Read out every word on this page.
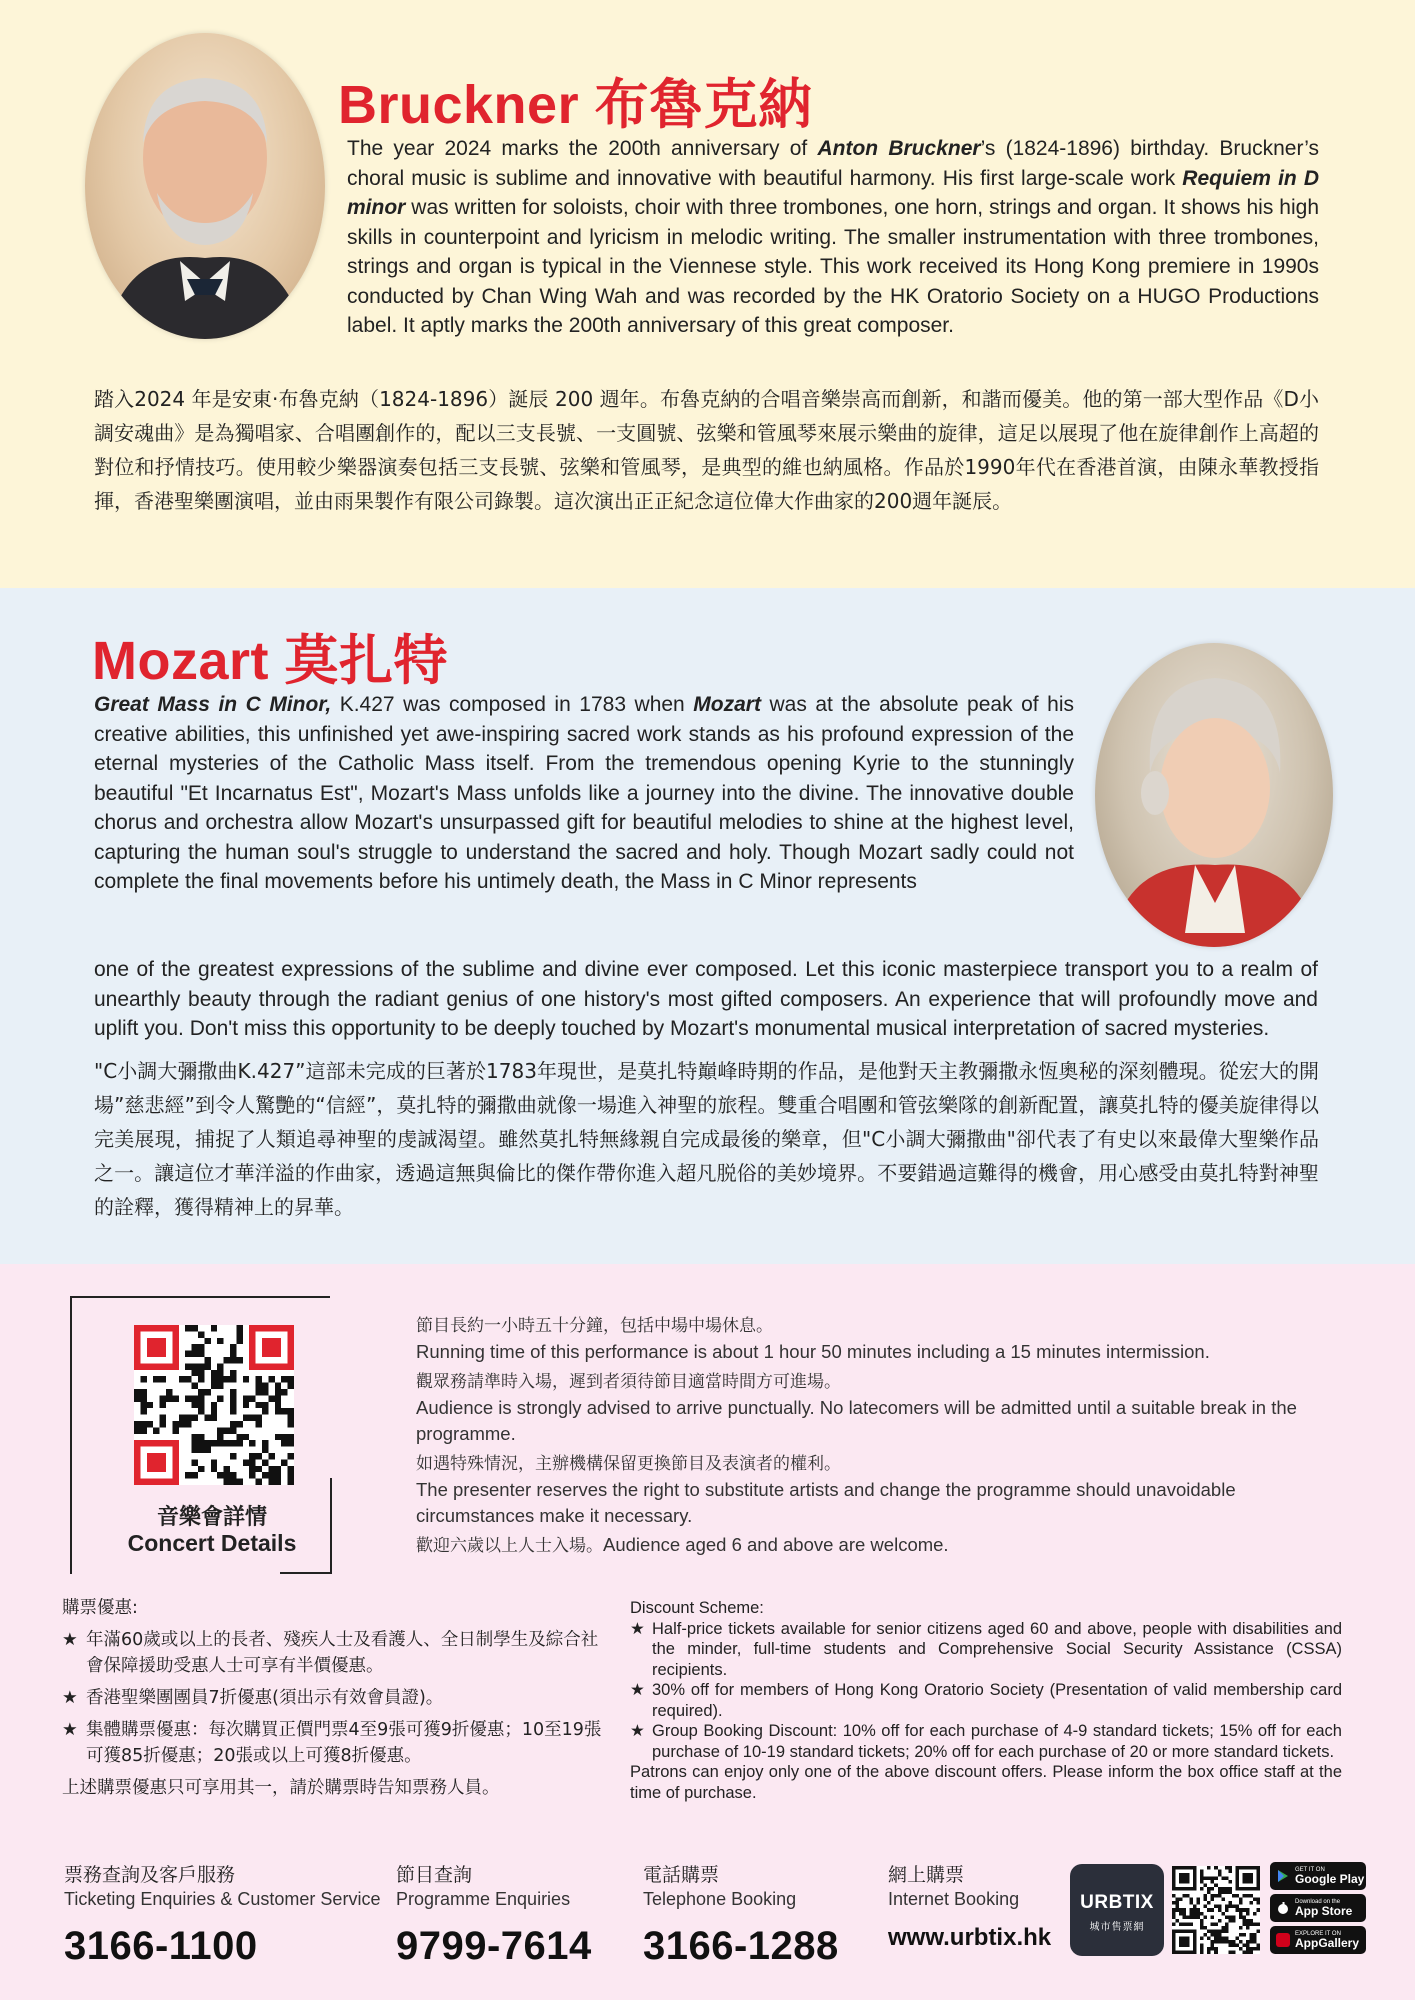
Bruckner 布魯克納
The year 2024 marks the 200th anniversary of Anton Bruckner’s (1824-1896) birthday. Bruckner’s choral music is sublime and innovative with beautiful harmony. His first large-scale work Requiem in D minor was written for soloists, choir with three trombones, one horn, strings and organ. It shows his high skills in counterpoint and lyricism in melodic writing. The smaller instrumentation with three trombones, strings and organ is typical in the Viennese style. This work received its Hong Kong premiere in 1990s conducted by Chan Wing Wah and was recorded by the HK Oratorio Society on a HUGO Productions label. It aptly marks the 200th anniversary of this great composer.
踏入2024 年是安東‧布魯克納（1824-1896）誕辰 200 週年。布魯克納的合唱音樂崇高而創新，和諧而優美。他的第一部大型作品《D小調安魂曲》是為獨唱家、合唱團創作的，配以三支長號、一支圓號、弦樂和管風琴來展示樂曲的旋律，這足以展現了他在旋律創作上高超的對位和抒情技巧。使用較少樂器演奏包括三支長號、弦樂和管風琴，是典型的維也納風格。作品於1990年代在香港首演，由陳永華教授指揮，香港聖樂團演唱，並由雨果製作有限公司錄製。這次演出正正紀念這位偉大作曲家的200週年誕辰。
Mozart 莫扎特
Great Mass in C Minor, K.427 was composed in 1783 when Mozart was at the absolute peak of his creative abilities, this unfinished yet awe-inspiring sacred work stands as his profound expression of the eternal mysteries of the Catholic Mass itself. From the tremendous opening Kyrie to the stunningly beautiful "Et Incarnatus Est", Mozart's Mass unfolds like a journey into the divine. The innovative double chorus and orchestra allow Mozart's unsurpassed gift for beautiful melodies to shine at the highest level, capturing the human soul's struggle to understand the sacred and holy. Though Mozart sadly could not complete the final movements before his untimely death, the Mass in C Minor represents
one of the greatest expressions of the sublime and divine ever composed. Let this iconic masterpiece transport you to a realm of unearthly beauty through the radiant genius of one history's most gifted composers. An experience that will profoundly move and uplift you. Don't miss this opportunity to be deeply touched by Mozart's monumental musical interpretation of sacred mysteries.
"C小調大彌撒曲K.427”這部未完成的巨著於1783年現世，是莫扎特巔峰時期的作品，是他對天主教彌撒永恆奧秘的深刻體現。從宏大的開場”慈悲經”到令人驚艷的“信經”，莫扎特的彌撒曲就像一場進入神聖的旅程。雙重合唱團和管弦樂隊的創新配置，讓莫扎特的優美旋律得以完美展現，捕捉了人類追尋神聖的虔誠渴望。雖然莫扎特無緣親自完成最後的樂章，但"C小調大彌撒曲"卻代表了有史以來最偉大聖樂作品之一。讓這位才華洋溢的作曲家，透過這無與倫比的傑作帶你進入超凡脱俗的美妙境界。不要錯過這難得的機會，用心感受由莫扎特對神聖的詮釋，獲得精神上的昇華。
音樂會詳情
Concert Details

節目長約一小時五十分鐘，包括中場中場休息。
Running time of this performance is about 1 hour 50 minutes including a 15 minutes intermission.

觀眾務請準時入場，遲到者須待節目適當時間方可進場。
Audience is strongly advised to arrive punctually. No latecomers will be admitted until a suitable break in the programme.

如遇特殊情況，主辦機構保留更換節目及表演者的權利。
The presenter reserves the right to substitute artists and change the programme should unavoidable circumstances make it necessary.

歡迎六歲以上人士入場。Audience aged 6 and above are welcome.

購票優惠:
★ 年滿60歲或以上的長者、殘疾人士及看護人、全日制學生及綜合社會保障援助受惠人士可享有半價優惠。
★ 香港聖樂團團員7折優惠(須出示有效會員證)。
★ 集體購票優惠：每次購買正價門票4至9張可獲9折優惠；10至19張可獲85折優惠；20張或以上可獲8折優惠。
上述購票優惠只可享用其一，請於購票時告知票務人員。
Discount Scheme:
★ Half-price tickets available for senior citizens aged 60 and above, people with disabilities and the minder, full-time students and Comprehensive Social Security Assistance (CSSA) recipients.
★ 30% off for members of Hong Kong Oratorio Society (Presentation of valid membership card required).
★ Group Booking Discount: 10% off for each purchase of 4-9 standard tickets; 15% off for each purchase of 10-19 standard tickets; 20% off for each purchase of 20 or more standard tickets.
Patrons can enjoy only one of the above discount offers. Please inform the box office staff at the time of purchase.
票務查詢及客戶服務
Ticketing Enquiries & Customer Service
3166-1100
節目查詢
Programme Enquiries
9799-7614
電話購票
Telephone Booking
3166-1288
網上購票
Internet Booking
www.urbtix.hk
URBTIX
城市售票網
GET IT ON
Google Play
Download on the
App Store
EXPLORE IT ON
AppGallery
